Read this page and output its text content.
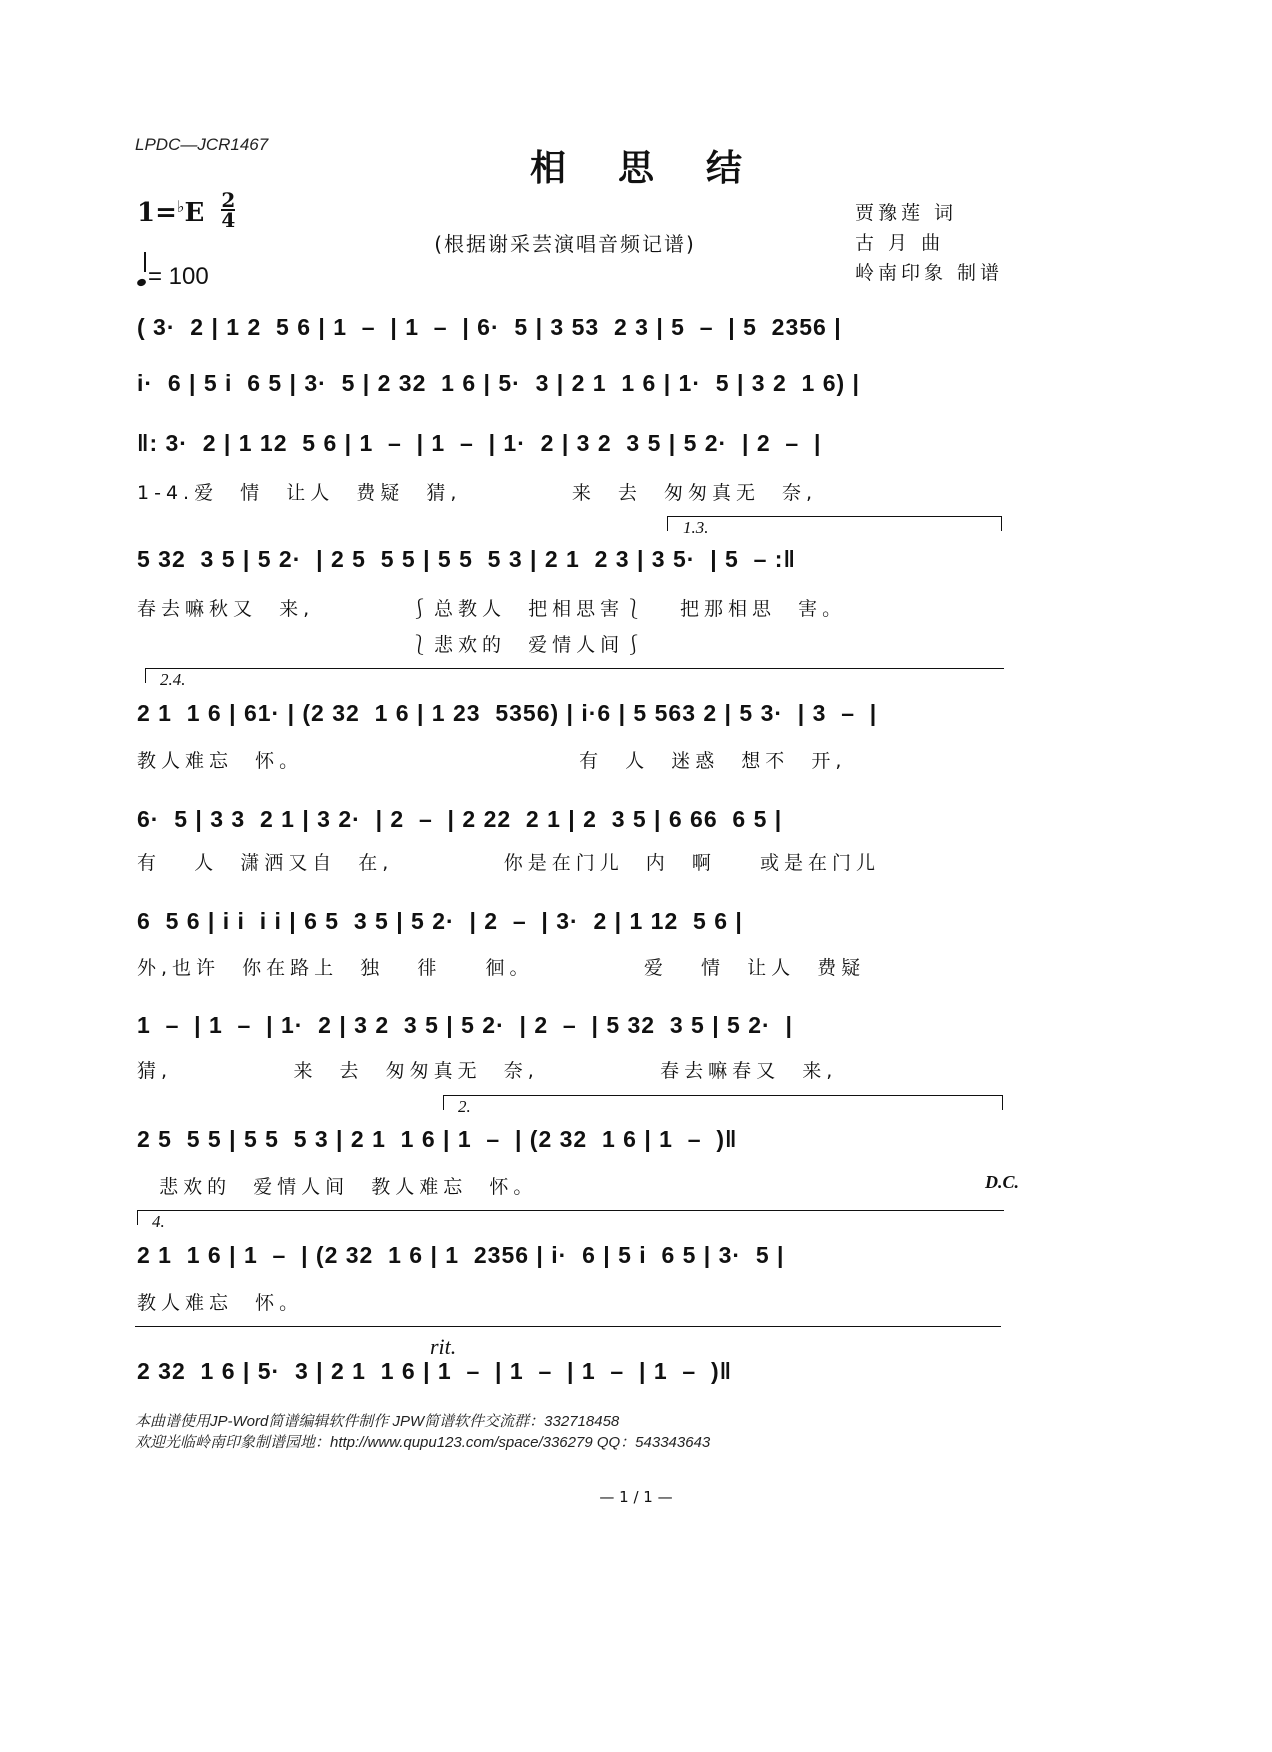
LPDC—JCR1467
相思结
$1=^♭E \frac{2}{4}$
(根据谢采芸演唱音频记谱)
贾豫莲 词
古 月 曲
岭南印象 制谱
= 100
( 3·  2 | 1 2  5 6 | 1  –  | 1  –  | 6·  5 | 3 53  2 3 | 5  –  | 5  2356 |
i·  6 | 5 i  6 5 | 3·  5 | 2 32  1 6 | 5·  3 | 2 1  1 6 | 1·  5 | 3 2  1 6) |
‖: 3·  2 | 1 12  5 6 | 1  –  | 1  –  | 1·  2 | 3 2  3 5 | 5 2·  | 2  –  |
1-4.爱  情  让人  费疑  猜,          来  去  匆匆真无  奈,
1.3.
5 32  3 5 | 5 2·  | 2 5  5 5 | 5 5  5 3 | 2 1  2 3 | 3 5·  | 5  – :‖
春去嘛秋又  来,	⎰总教人  把相思害⎱
⎱悲欢的  爱情人间⎰
把那相思  害。
2.4.
2 1  1 6 | 61· | (2 32  1 6 | 1 23  5356) | i·6 | 5 563 2 | 5 3·  | 3  –  |
教人难忘  怀。                         有  人  迷惑  想不  开,
6·  5 | 3 3  2 1 | 3 2·  | 2  –  | 2 22  2 1 | 2  3 5 | 6 66  6 5 |
有   人  潇洒又自  在,          你是在门儿  内  啊    或是在门儿
6  5 6 | i i  i i | 6 5  3 5 | 5 2·  | 2  –  | 3·  2 | 1 12  5 6 |
外,也许  你在路上  独   徘    徊。          爱   情  让人  费疑
1  –  | 1  –  | 1·  2 | 3 2  3 5 | 5 2·  | 2  –  | 5 32  3 5 | 5 2·  |
猜,           来  去  匆匆真无  奈,           春去嘛春又  来,
2.
2 5  5 5 | 5 5  5 3 | 2 1  1 6 | 1  –  | (2 32  1 6 | 1  –  )‖
悲欢的  爱情人间  教人难忘  怀。	D.C.
4.
2 1  1 6 | 1  –  | (2 32  1 6 | 1  2356 | i·  6 | 5 i  6 5 | 3·  5 |
教人难忘  怀。
rit.
2 32  1 6 | 5·  3 | 2 1  1 6 | 1  –  | 1  –  | 1  –  | 1  –  )‖
本曲谱使用JP-Word简谱编辑软件制作 JPW简谱软件交流群：332718458
欢迎光临岭南印象制谱园地：http://www.qupu123.com/space/336279 QQ：543343643
— 1 / 1 —
